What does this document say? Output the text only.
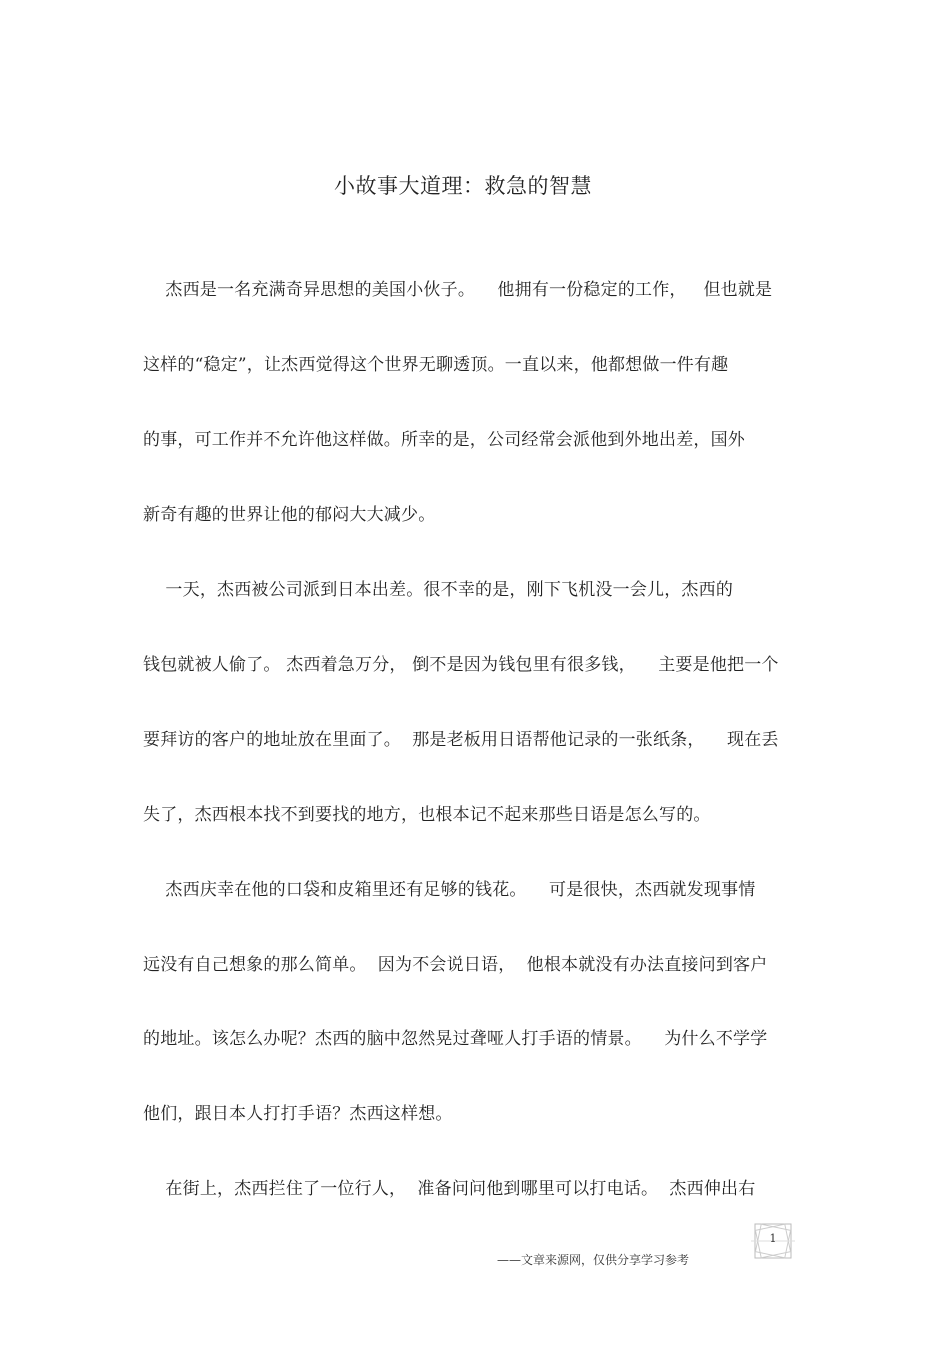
小故事大道理：救急的智慧
杰西是一名充满奇异思想的美国小伙子。    他拥有一份稳定的工作，   但也就是
这样的“稳定”，让杰西觉得这个世界无聊透顶。一直以来，他都想做一件有趣
的事，可工作并不允许他这样做。所幸的是，公司经常会派他到外地出差，国外
新奇有趣的世界让他的郁闷大大减少。
一天，杰西被公司派到日本出差。很不幸的是，刚下飞机没一会儿，杰西的
钱包就被人偷了。 杰西着急万分， 倒不是因为钱包里有很多钱，    主要是他把一个
要拜访的客户的地址放在里面了。  那是老板用日语帮他记录的一张纸条，    现在丢
失了，杰西根本找不到要找的地方，也根本记不起来那些日语是怎么写的。
杰西庆幸在他的口袋和皮箱里还有足够的钱花。    可是很快，杰西就发现事情
远没有自己想象的那么简单。  因为不会说日语，  他根本就没有办法直接问到客户
的地址。该怎么办呢？杰西的脑中忽然晃过聋哑人打手语的情景。    为什么不学学
他们，跟日本人打打手语？杰西这样想。
在街上，杰西拦住了一位行人，  准备问问他到哪里可以打电话。  杰西伸出右
1
——文章来源网，仅供分享学习参考
